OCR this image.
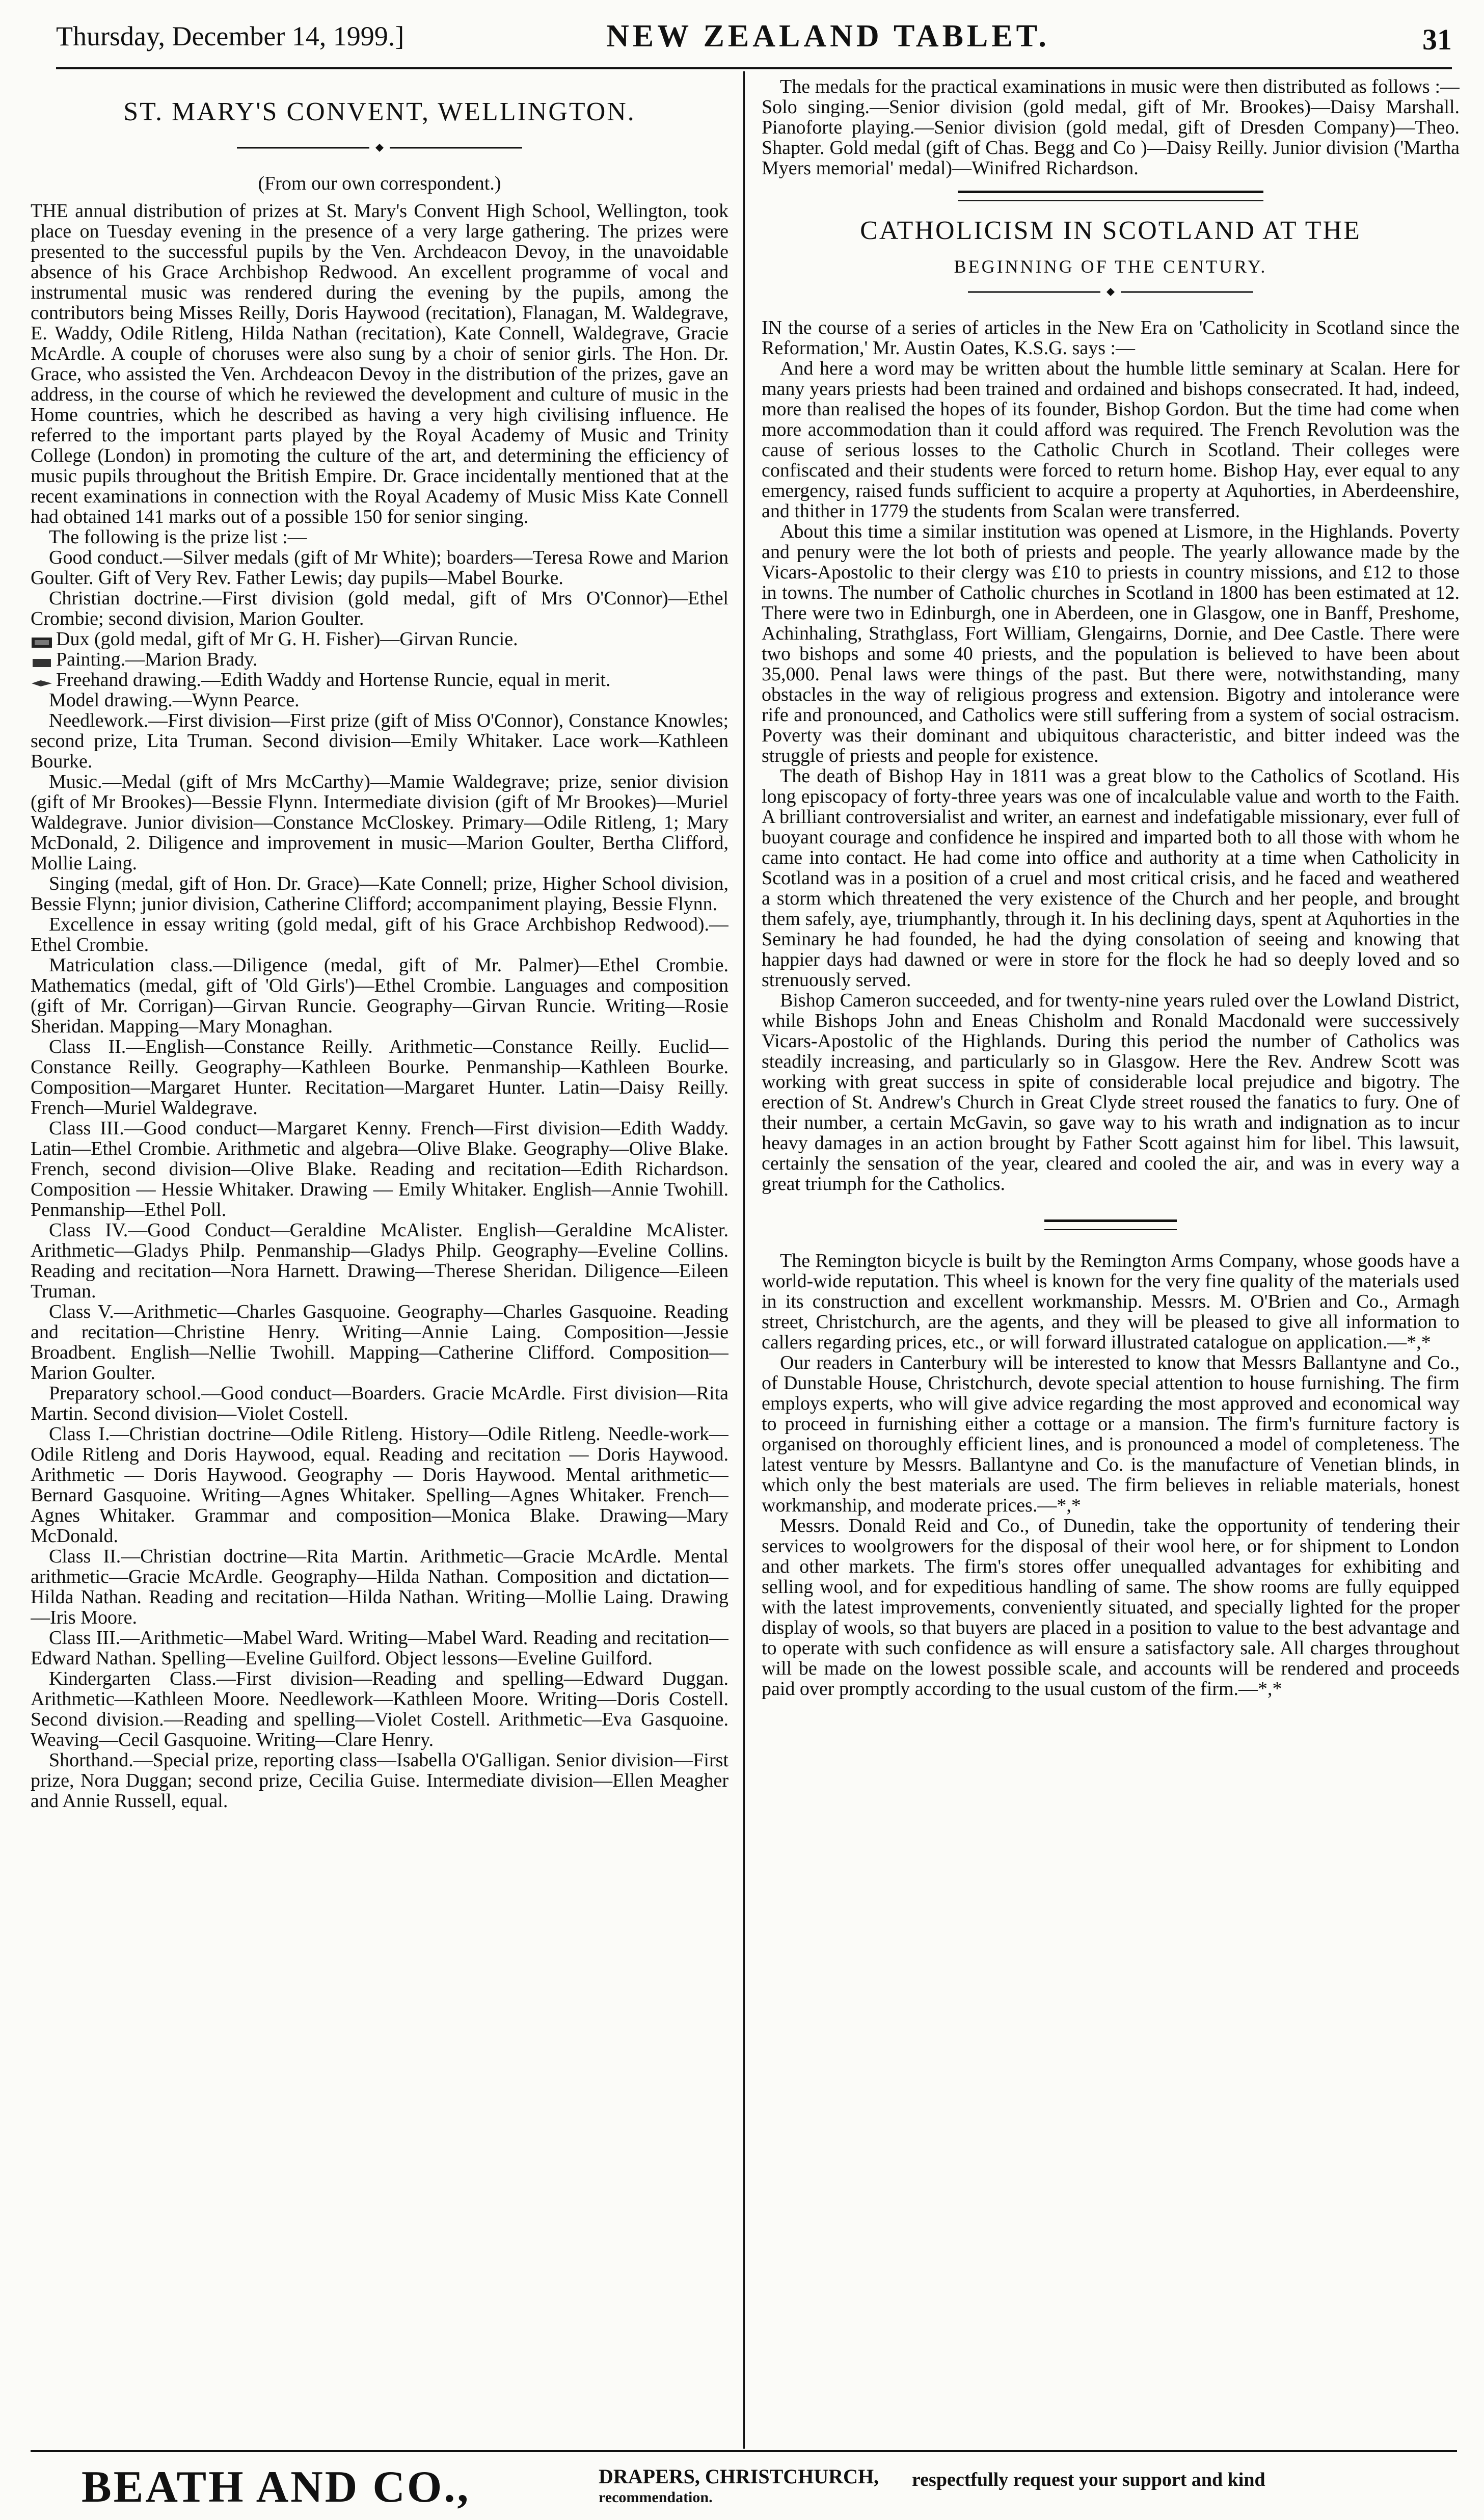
Thursday, December 14, 1999.]	NEW ZEALAND TABLET.	31
ST. MARY'S CONVENT, WELLINGTON.
(From our own correspondent.)

THE annual distribution of prizes at St. Mary's Convent High School, Wellington, took place on Tuesday evening in the presence of a very large gathering. The prizes were presented to the successful pupils by the Ven. Archdeacon Devoy, in the unavoidable absence of his Grace Archbishop Redwood. An excellent programme of vocal and instrumental music was rendered during the evening by the pupils, among the contributors being Misses Reilly, Doris Haywood (recitation), Flanagan, M. Waldegrave, E. Waddy, Odile Ritleng, Hilda Nathan (recitation), Kate Connell, Waldegrave, Gracie McArdle. A couple of choruses were also sung by a choir of senior girls. The Hon. Dr. Grace, who assisted the Ven. Archdeacon Devoy in the distribution of the prizes, gave an address, in the course of which he reviewed the development and culture of music in the Home countries, which he described as having a very high civilising influence. He referred to the important parts played by the Royal Academy of Music and Trinity College (London) in promoting the culture of the art, and determining the efficiency of music pupils throughout the British Empire. Dr. Grace incidentally mentioned that at the recent examinations in connection with the Royal Academy of Music Miss Kate Connell had obtained 141 marks out of a possible 150 for senior singing.

The following is the prize list :—

Good conduct.—Silver medals (gift of Mr White); boarders—Teresa Rowe and Marion Goulter. Gift of Very Rev. Father Lewis; day pupils—Mabel Bourke.

Christian doctrine.—First division (gold medal, gift of Mrs O'Connor)—Ethel Crombie; second division, Marion Goulter.

Dux (gold medal, gift of Mr G. H. Fisher)—Girvan Runcie.

Painting.—Marion Brady.

Freehand drawing.—Edith Waddy and Hortense Runcie, equal in merit.

Model drawing.—Wynn Pearce.

Needlework.—First division—First prize (gift of Miss O'Connor), Constance Knowles; second prize, Lita Truman. Second division—Emily Whitaker. Lace work—Kathleen Bourke.

Music.—Medal (gift of Mrs McCarthy)—Mamie Waldegrave; prize, senior division (gift of Mr Brookes)—Bessie Flynn. Intermediate division (gift of Mr Brookes)—Muriel Waldegrave. Junior division—Constance McCloskey. Primary—Odile Ritleng, 1; Mary McDonald, 2. Diligence and improvement in music—Marion Goulter, Bertha Clifford, Mollie Laing.

Singing (medal, gift of Hon. Dr. Grace)—Kate Connell; prize, Higher School division, Bessie Flynn; junior division, Catherine Clifford; accompaniment playing, Bessie Flynn.

Excellence in essay writing (gold medal, gift of his Grace Archbishop Redwood).—Ethel Crombie.

Matriculation class.—Diligence (medal, gift of Mr. Palmer)—Ethel Crombie. Mathematics (medal, gift of 'Old Girls')—Ethel Crombie. Languages and composition (gift of Mr. Corrigan)—Girvan Runcie. Geography—Girvan Runcie. Writing—Rosie Sheridan. Mapping—Mary Monaghan.

Class II.—English—Constance Reilly. Arithmetic—Constance Reilly. Euclid—Constance Reilly. Geography—Kathleen Bourke. Penmanship—Kathleen Bourke. Composition—Margaret Hunter. Recitation—Margaret Hunter. Latin—Daisy Reilly. French—Muriel Waldegrave.

Class III.—Good conduct—Margaret Kenny. French—First division—Edith Waddy. Latin—Ethel Crombie. Arithmetic and algebra—Olive Blake. Geography—Olive Blake. French, second division—Olive Blake. Reading and recitation—Edith Richardson. Composition — Hessie Whitaker. Drawing — Emily Whitaker. English—Annie Twohill. Penmanship—Ethel Poll.

Class IV.—Good Conduct—Geraldine McAlister. English—Geraldine McAlister. Arithmetic—Gladys Philp. Penmanship—Gladys Philp. Geography—Eveline Collins. Reading and recitation—Nora Harnett. Drawing—Therese Sheridan. Diligence—Eileen Truman.

Class V.—Arithmetic—Charles Gasquoine. Geography—Charles Gasquoine. Reading and recitation—Christine Henry. Writing—Annie Laing. Composition—Jessie Broadbent. English—Nellie Twohill. Mapping—Catherine Clifford. Composition—Marion Goulter.

Preparatory school.—Good conduct—Boarders. Gracie McArdle. First division—Rita Martin. Second division—Violet Costell.

Class I.—Christian doctrine—Odile Ritleng. History—Odile Ritleng. Needle-work—Odile Ritleng and Doris Haywood, equal. Reading and recitation — Doris Haywood. Arithmetic — Doris Haywood. Geography — Doris Haywood. Mental arithmetic—Bernard Gasquoine. Writing—Agnes Whitaker. Spelling—Agnes Whitaker. French—Agnes Whitaker. Grammar and composition—Monica Blake. Drawing—Mary McDonald.

Class II.—Christian doctrine—Rita Martin. Arithmetic—Gracie McArdle. Mental arithmetic—Gracie McArdle. Geography—Hilda Nathan. Composition and dictation—Hilda Nathan. Reading and recitation—Hilda Nathan. Writing—Mollie Laing. Drawing—Iris Moore.

Class III.—Arithmetic—Mabel Ward. Writing—Mabel Ward. Reading and recitation—Edward Nathan. Spelling—Eveline Guilford. Object lessons—Eveline Guilford.

Kindergarten Class.—First division—Reading and spelling—Edward Duggan. Arithmetic—Kathleen Moore. Needlework—Kathleen Moore. Writing—Doris Costell. Second division.—Reading and spelling—Violet Costell. Arithmetic—Eva Gasquoine. Weaving—Cecil Gasquoine. Writing—Clare Henry.

Shorthand.—Special prize, reporting class—Isabella O'Galligan. Senior division—First prize, Nora Duggan; second prize, Cecilia Guise. Intermediate division—Ellen Meagher and Annie Russell, equal.

The medals for the practical examinations in music were then distributed as follows :—Solo singing.—Senior division (gold medal, gift of Mr. Brookes)—Daisy Marshall. Pianoforte playing.—Senior division (gold medal, gift of Dresden Company)—Theo. Shapter. Gold medal (gift of Chas. Begg and Co )—Daisy Reilly. Junior division ('Martha Myers memorial' medal)—Winifred Richardson.

CATHOLICISM IN SCOTLAND AT THE
BEGINNING OF THE CENTURY.

IN the course of a series of articles in the New Era on 'Catholicity in Scotland since the Reformation,' Mr. Austin Oates, K.S.G. says :—

And here a word may be written about the humble little seminary at Scalan. Here for many years priests had been trained and ordained and bishops consecrated. It had, indeed, more than realised the hopes of its founder, Bishop Gordon. But the time had come when more accommodation than it could afford was required. The French Revolution was the cause of serious losses to the Catholic Church in Scotland. Their colleges were confiscated and their students were forced to return home. Bishop Hay, ever equal to any emergency, raised funds sufficient to acquire a property at Aquhorties, in Aberdeenshire, and thither in 1779 the students from Scalan were transferred.

About this time a similar institution was opened at Lismore, in the Highlands. Poverty and penury were the lot both of priests and people. The yearly allowance made by the Vicars-Apostolic to their clergy was £10 to priests in country missions, and £12 to those in towns. The number of Catholic churches in Scotland in 1800 has been estimated at 12. There were two in Edinburgh, one in Aberdeen, one in Glasgow, one in Banff, Preshome, Achinhaling, Strathglass, Fort William, Glengairns, Dornie, and Dee Castle. There were two bishops and some 40 priests, and the population is believed to have been about 35,000. Penal laws were things of the past. But there were, notwithstanding, many obstacles in the way of religious progress and extension. Bigotry and intolerance were rife and pronounced, and Catholics were still suffering from a system of social ostracism. Poverty was their dominant and ubiquitous characteristic, and bitter indeed was the struggle of priests and people for existence.

The death of Bishop Hay in 1811 was a great blow to the Catholics of Scotland. His long episcopacy of forty-three years was one of incalculable value and worth to the Faith. A brilliant controversialist and writer, an earnest and indefatigable missionary, ever full of buoyant courage and confidence he inspired and imparted both to all those with whom he came into contact. He had come into office and authority at a time when Catholicity in Scotland was in a position of a cruel and most critical crisis, and he faced and weathered a storm which threatened the very existence of the Church and her people, and brought them safely, aye, triumphantly, through it. In his declining days, spent at Aquhorties in the Seminary he had founded, he had the dying consolation of seeing and knowing that happier days had dawned or were in store for the flock he had so deeply loved and so strenuously served.

Bishop Cameron succeeded, and for twenty-nine years ruled over the Lowland District, while Bishops John and Eneas Chisholm and Ronald Macdonald were successively Vicars-Apostolic of the Highlands. During this period the number of Catholics was steadily increasing, and particularly so in Glasgow. Here the Rev. Andrew Scott was working with great success in spite of considerable local prejudice and bigotry. The erection of St. Andrew's Church in Great Clyde street roused the fanatics to fury. One of their number, a certain McGavin, so gave way to his wrath and indignation as to incur heavy damages in an action brought by Father Scott against him for libel. This lawsuit, certainly the sensation of the year, cleared and cooled the air, and was in every way a great triumph for the Catholics.

The Remington bicycle is built by the Remington Arms Company, whose goods have a world-wide reputation. This wheel is known for the very fine quality of the materials used in its construction and excellent workmanship. Messrs. M. O'Brien and Co., Armagh street, Christchurch, are the agents, and they will be pleased to give all information to callers regarding prices, etc., or will forward illustrated catalogue on application.—*,*

Our readers in Canterbury will be interested to know that Messrs Ballantyne and Co., of Dunstable House, Christchurch, devote special attention to house furnishing. The firm employs experts, who will give advice regarding the most approved and economical way to proceed in furnishing either a cottage or a mansion. The firm's furniture factory is organised on thoroughly efficient lines, and is pronounced a model of completeness. The latest venture by Messrs. Ballantyne and Co. is the manufacture of Venetian blinds, in which only the best materials are used. The firm believes in reliable materials, honest workmanship, and moderate prices.—*,*

Messrs. Donald Reid and Co., of Dunedin, take the opportunity of tendering their services to woolgrowers for the disposal of their wool here, or for shipment to London and other markets. The firm's stores offer unequalled advantages for exhibiting and selling wool, and for expeditious handling of same. The show rooms are fully equipped with the latest improvements, conveniently situated, and specially lighted for the proper display of wools, so that buyers are placed in a position to value to the best advantage and to operate with such confidence as will ensure a satisfactory sale. All charges throughout will be made on the lowest possible scale, and accounts will be rendered and proceeds paid over promptly according to the usual custom of the firm.—*,*

BEATH AND CO.,	DRAPERS, CHRISTCHURCH,
recommendation.
respectfully request your support and kind
